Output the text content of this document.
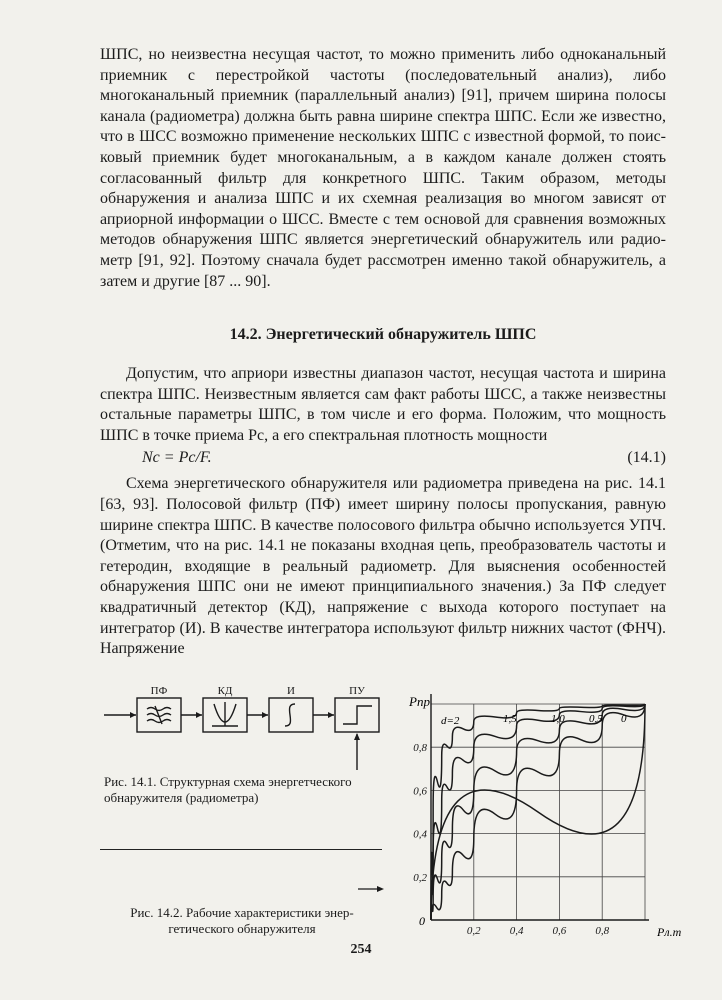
ШПС, но неизвестна несущая частот, то можно применить либо одноканальный приемник с перестройкой частоты (последовательный анализ), либо многоканальный приемник (параллельный анализ) [91], причем ширина полосы канала (радиометра) должна быть равна ширине спектра ШПС. Если же известно, что в ШСС возможно применение нескольких ШПС с известной формой, то поисковый приемник будет многоканальным, а в каждом канале должен стоять согласованный фильтр для конкретного ШПС. Таким образом, методы обнаружения и анализа ШПС и их схемная реализация во многом зависят от априорной информации о ШСС. Вместе с тем основой для сравнения возможных методов обнаружения ШПС является энергетический обнаружитель или радиометр [91, 92]. Поэтому сначала будет рассмотрен именно такой обнаружитель, а затем и другие [87 ... 90].

14.2. Энергетический обнаружитель ШПС

Допустим, что априори известны диапазон частот, несущая частота и ширина спектра ШПС. Неизвестным является сам факт работы ШСС, а также неизвестны остальные параметры ШПС, в том числе и его форма. Положим, что мощность ШПС в точке приема Pc, а его спектральная плотность мощности

Nc = Pc/F.	(14.1)

Схема энергетического обнаружителя или радиометра приведена на рис. 14.1 [63, 93]. Полосовой фильтр (ПФ) имеет ширину полосы пропускания, равную ширине спектра ШПС. В качестве полосового фильтра обычно используется УПЧ. (Отметим, что на рис. 14.1 не показаны входная цепь, преобразователь частоты и гетеродин, входящие в реальный радиометр. Для выяснения особенностей обнаружения ШПС они не имеют принципиального значения.) За ПФ следует квадратичный детектор (КД), напряжение с выхода которого поступает на интегратор (И). В качестве интегратора используют фильтр нижних частот (ФНЧ). Напряжение

ПФ	КД	И	ПУ
Рис. 14.1. Структурная схема энергетческого обнаружителя (радиометра)
Рис. 14.2. Рабочие характеристики энергетического обнаружителя	0,2	0,4	0,6	0,8
0,2
0,4
0,6
0,8
Pпр
Pл.т
0
d=2	1,5	1,0 0,5 0
254
